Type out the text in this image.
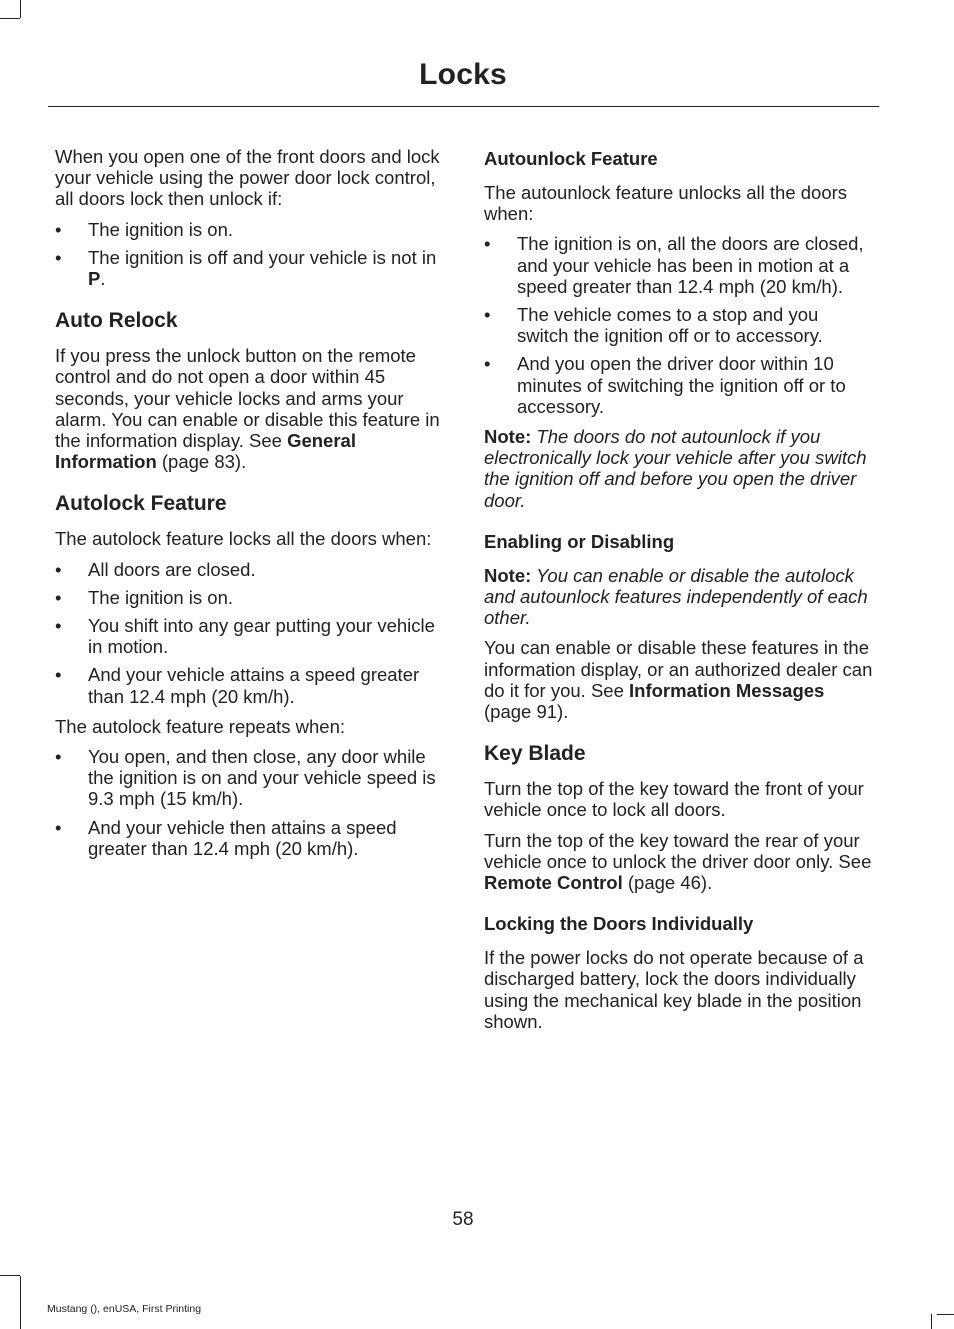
Locks

When you open one of the front doors and lock your vehicle using the power door lock control, all doors lock then unlock if:

• The ignition is on.
• The ignition is off and your vehicle is not in P.
Auto Relock

If you press the unlock button on the remote control and do not open a door within 45 seconds, your vehicle locks and arms your alarm. You can enable or disable this feature in the information display. See General Information (page 83).

Autolock Feature

The autolock feature locks all the doors when:

• All doors are closed.
• The ignition is on.
• You shift into any gear putting your vehicle in motion.
• And your vehicle attains a speed greater than 12.4 mph (20 km/h).

The autolock feature repeats when:

• You open, and then close, any door while the ignition is on and your vehicle speed is 9.3 mph (15 km/h).
• And your vehicle then attains a speed greater than 12.4 mph (20 km/h).
Autounlock Feature

The autounlock feature unlocks all the doors when:

• The ignition is on, all the doors are closed, and your vehicle has been in motion at a speed greater than 12.4 mph (20 km/h).
• The vehicle comes to a stop and you switch the ignition off or to accessory.
• And you open the driver door within 10 minutes of switching the ignition off or to accessory.

Note: The doors do not autounlock if you electronically lock your vehicle after you switch the ignition off and before you open the driver door.

Enabling or Disabling

Note: You can enable or disable the autolock and autounlock features independently of each other.

You can enable or disable these features in the information display, or an authorized dealer can do it for you. See Information Messages (page 91).

Key Blade

Turn the top of the key toward the front of your vehicle once to lock all doors.

Turn the top of the key toward the rear of your vehicle once to unlock the driver door only. See Remote Control (page 46).

Locking the Doors Individually

If the power locks do not operate because of a discharged battery, lock the doors individually using the mechanical key blade in the position shown.

58
Mustang (), enUSA, First Printing
